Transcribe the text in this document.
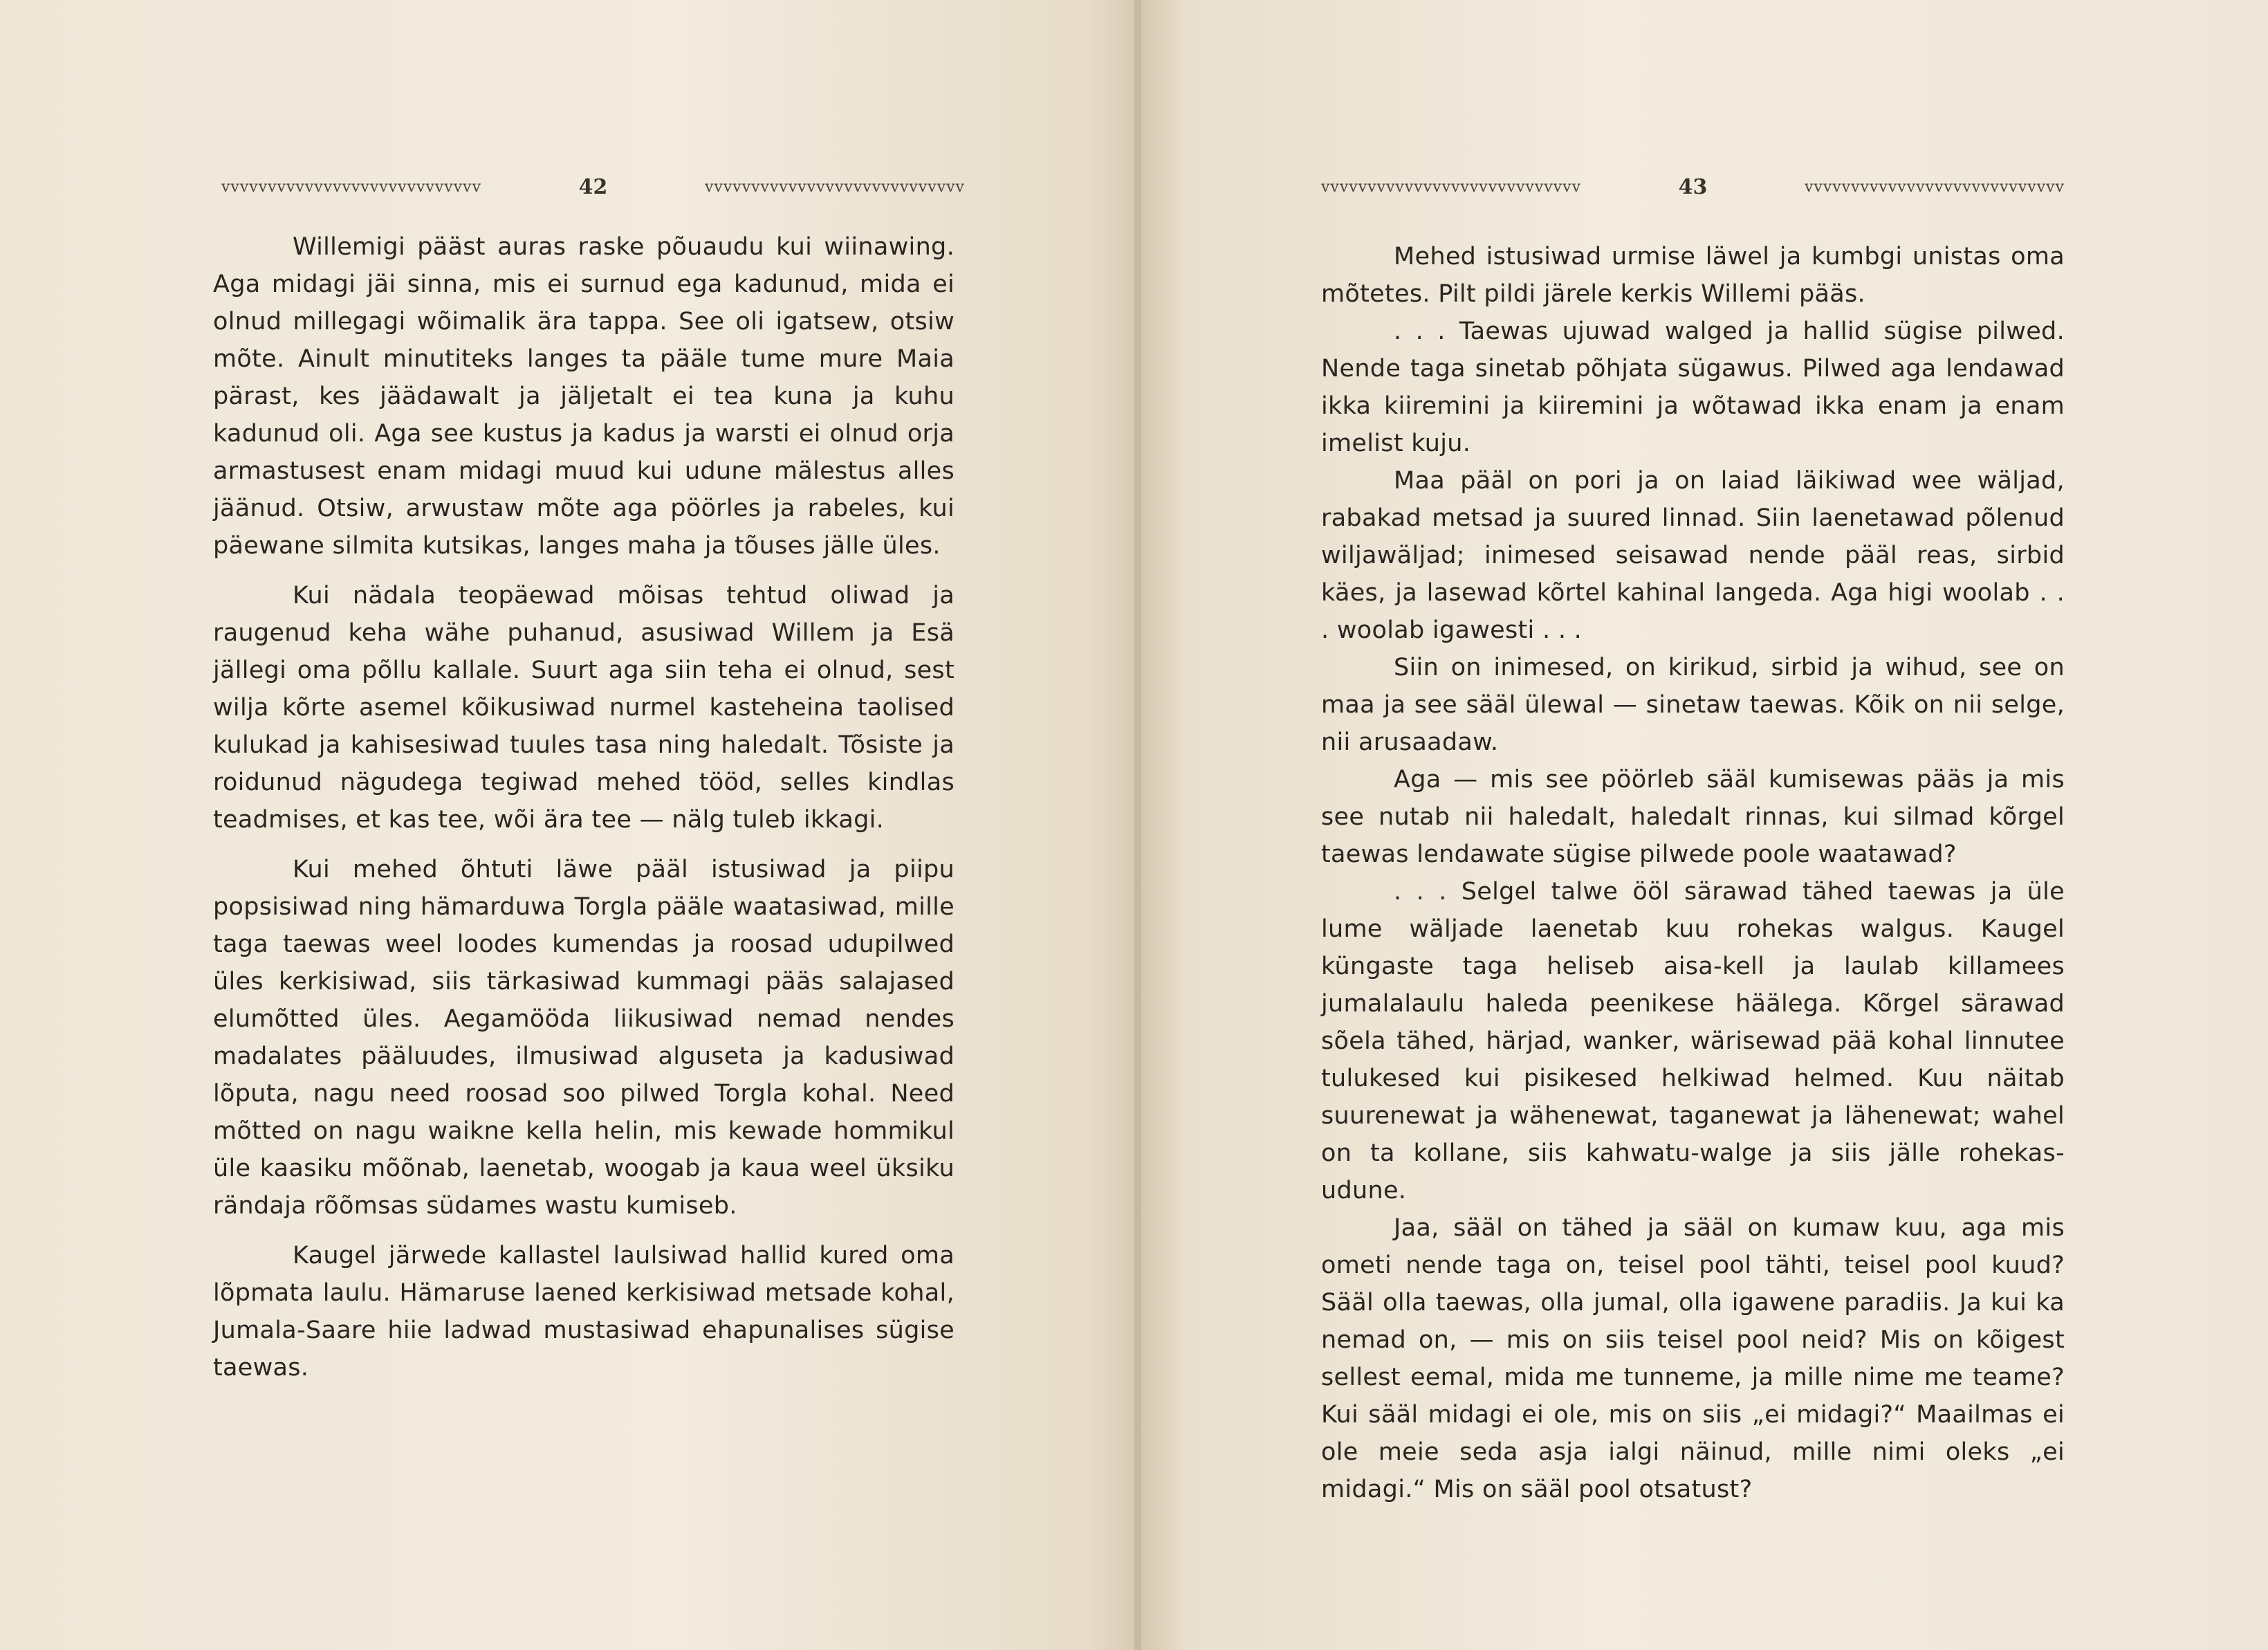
vvvvvvvvvvvvvvvvvvvvvvvvvvvv	42	vvvvvvvvvvvvvvvvvvvvvvvvvvvv

Willemigi pääst auras raske põuaudu kui wiinawing. Aga midagi jäi sinna, mis ei surnud ega kadunud, mida ei olnud millegagi wõimalik ära tappa. See oli igatsew, otsiw mõte. Ainult minutiteks langes ta pääle tume mure Maia pärast, kes jäädawalt ja jäljetalt ei tea kuna ja kuhu kadunud oli. Aga see kustus ja kadus ja warsti ei olnud orja armastusest enam midagi muud kui udune mälestus alles jäänud. Otsiw, arwustaw mõte aga pöörles ja rabeles, kui päewane silmita kutsikas, langes maha ja tõuses jälle üles.

Kui nädala teopäewad mõisas tehtud oliwad ja raugenud keha wähe puhanud, asusiwad Willem ja Esä jällegi oma põllu kallale. Suurt aga siin teha ei olnud, sest wilja kõrte asemel kõikusiwad nurmel kasteheina taolised kulukad ja kahisesiwad tuules tasa ning haledalt. Tõsiste ja roidunud nägudega tegiwad mehed tööd, selles kindlas teadmises, et kas tee, wõi ära tee — nälg tuleb ikkagi.

Kui mehed õhtuti läwe pääl istusiwad ja piipu popsisiwad ning hämarduwa Torgla pääle waatasiwad, mille taga taewas weel loodes kumendas ja roosad udupilwed üles kerkisiwad, siis tärkasiwad kummagi pääs salajased elumõtted üles. Aegamööda liikusiwad nemad nendes madalates pääluudes, ilmusiwad alguseta ja kadusiwad lõputa, nagu need roosad soo pilwed Torgla kohal. Need mõtted on nagu waikne kella helin, mis kewade hommikul üle kaasiku mõõnab, laenetab, woogab ja kaua weel üksiku rändaja rõõmsas südames wastu kumiseb.

Kaugel järwede kallastel laulsiwad hallid kured oma lõpmata laulu. Hämaruse laened kerkisiwad metsade kohal, Jumala-Saare hiie ladwad mustasiwad ehapunalises sügise taewas.

vvvvvvvvvvvvvvvvvvvvvvvvvvvv	43	vvvvvvvvvvvvvvvvvvvvvvvvvvvv

Mehed istusiwad urmise läwel ja kumbgi unistas oma mõtetes. Pilt pildi järele kerkis Willemi pääs.

. . . Taewas ujuwad walged ja hallid sügise pilwed. Nende taga sinetab põhjata sügawus. Pilwed aga lendawad ikka kiiremini ja kiiremini ja wõtawad ikka enam ja enam imelist kuju.

Maa pääl on pori ja on laiad läikiwad wee wäljad, rabakad metsad ja suured linnad. Siin laenetawad põlenud wiljawäljad; inimesed seisawad nende pääl reas, sirbid käes, ja lasewad kõrtel kahinal langeda. Aga higi woolab . . . woolab igawesti . . .

Siin on inimesed, on kirikud, sirbid ja wihud, see on maa ja see sääl ülewal — sinetaw taewas. Kõik on nii selge, nii arusaadaw.

Aga — mis see pöörleb sääl kumisewas pääs ja mis see nutab nii haledalt, haledalt rinnas, kui silmad kõrgel taewas lendawate sügise pilwede poole waatawad?

. . . Selgel talwe ööl särawad tähed taewas ja üle lume wäljade laenetab kuu rohekas walgus. Kaugel küngaste taga heliseb aisa-kell ja laulab killamees jumalalaulu haleda peenikese häälega. Kõrgel särawad sõela tähed, härjad, wanker, wärisewad pää kohal linnutee tulukesed kui pisikesed helkiwad helmed. Kuu näitab suurenewat ja wähenewat, taganewat ja lähenewat; wahel on ta kollane, siis kahwatu-walge ja siis jälle rohekas-udune.

Jaa, sääl on tähed ja sääl on kumaw kuu, aga mis ometi nende taga on, teisel pool tähti, teisel pool kuud? Sääl olla taewas, olla jumal, olla igawene paradiis. Ja kui ka nemad on, — mis on siis teisel pool neid? Mis on kõigest sellest eemal, mida me tunneme, ja mille nime me teame? Kui sääl midagi ei ole, mis on siis „ei midagi?“ Maailmas ei ole meie seda asja ialgi näinud, mille nimi oleks „ei midagi.“ Mis on sääl pool otsatust?
